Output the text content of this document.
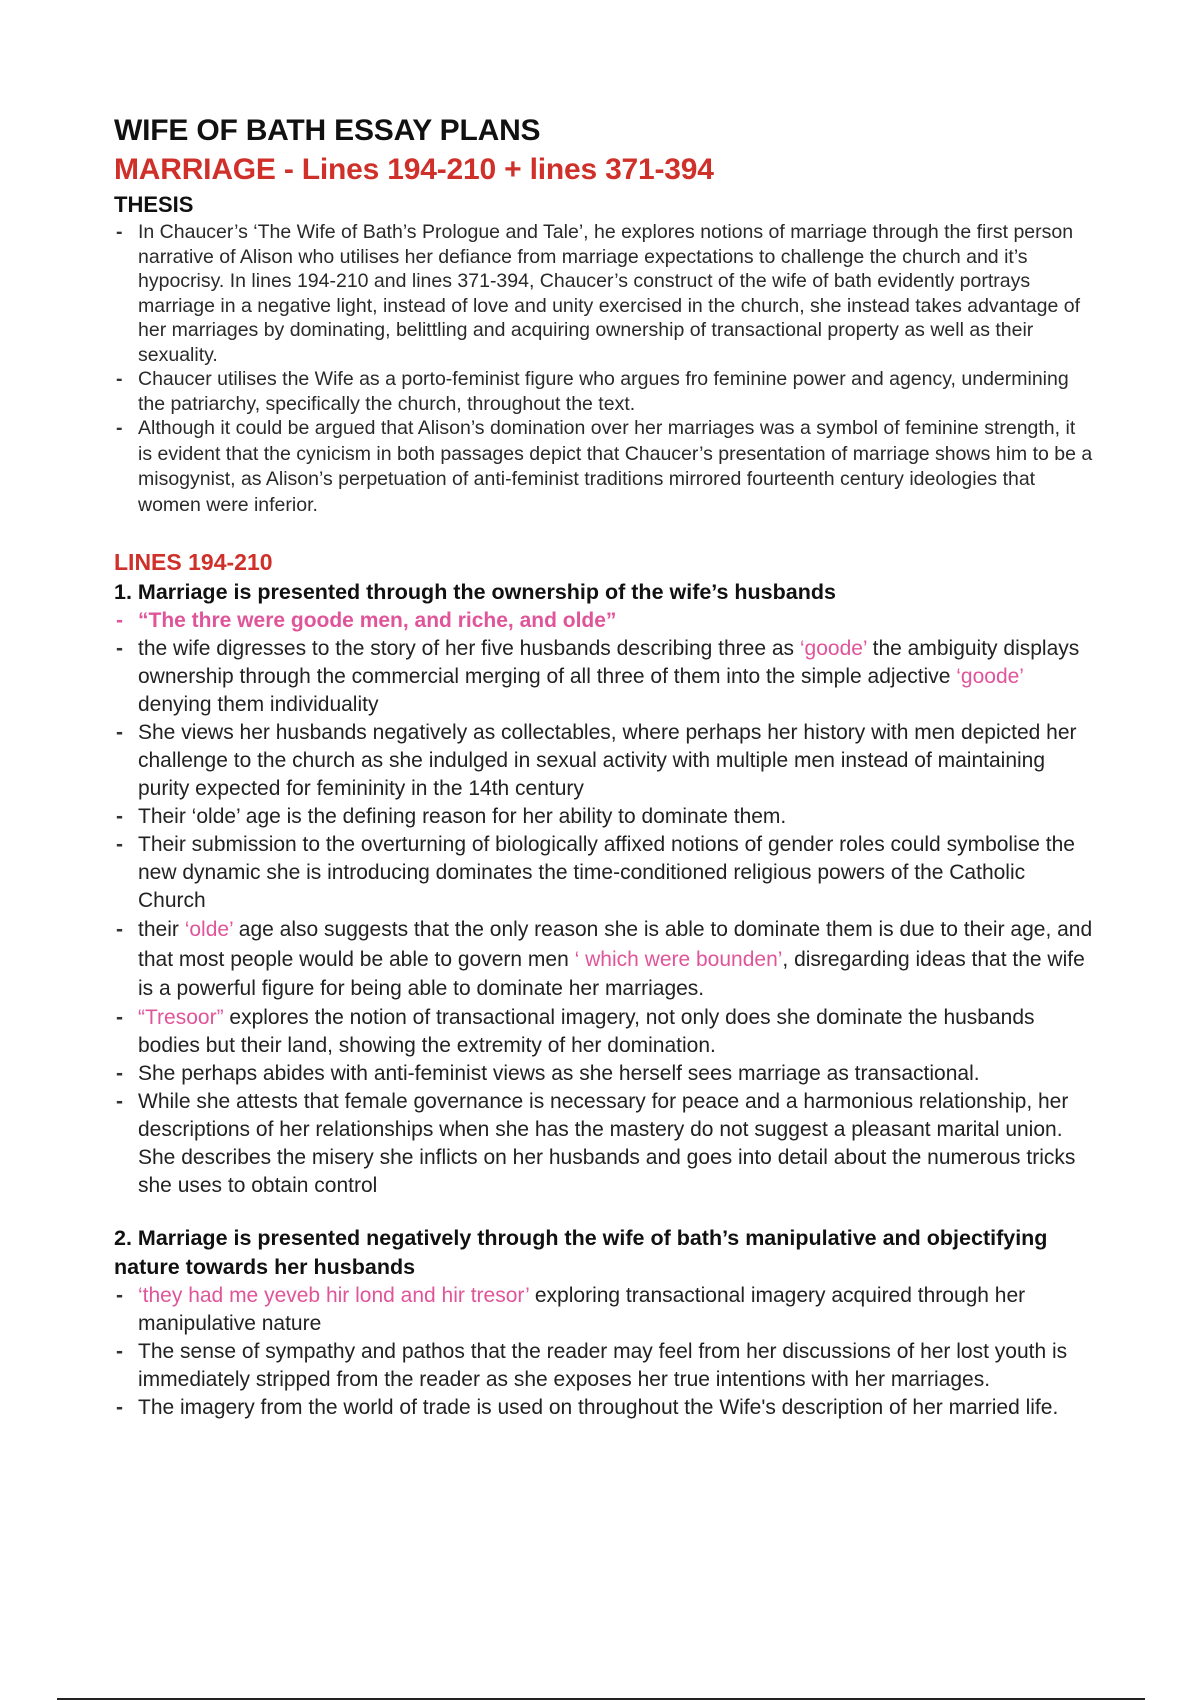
WIFE OF BATH ESSAY PLANS
MARRIAGE - Lines 194-210 + lines 371-394
THESIS
- In Chaucer’s ‘The Wife of Bath’s Prologue and Tale’, he explores notions of marriage through the first person narrative of Alison who utilises her defiance from marriage expectations to challenge the church and it’s hypocrisy. In lines 194-210 and lines 371-394, Chaucer’s construct of the wife of bath evidently portrays marriage in a negative light, instead of love and unity exercised in the church, she instead takes advantage of her marriages by dominating, belittling and acquiring ownership of transactional property as well as their sexuality.
- Chaucer utilises the Wife as a porto-feminist figure who argues fro feminine power and agency, undermining the patriarchy, specifically the church, throughout the text.
- Although it could be argued that Alison’s domination over her marriages was a symbol of feminine strength, it is evident that the cynicism in both passages depict that Chaucer’s presentation of marriage shows him to be a misogynist, as Alison’s perpetuation of anti-feminist traditions mirrored fourteenth century ideologies that women were inferior.
LINES 194-210
1. Marriage is presented through the ownership of the wife’s husbands
- “The thre were goode men, and riche, and olde”
- the wife digresses to the story of her five husbands describing three as ‘goode’ the ambiguity displays ownership through the commercial merging of all three of them into the simple adjective ‘goode’ denying them individuality
- She views her husbands negatively as collectables, where perhaps her history with men depicted her challenge to the church as she indulged in sexual activity with multiple men instead of maintaining purity expected for femininity in the 14th century
- Their ‘olde’ age is the defining reason for her ability to dominate them.
- Their submission to the overturning of biologically affixed notions of gender roles could symbolise the new dynamic she is introducing dominates the time-conditioned religious powers of the Catholic Church
- their ‘olde’ age also suggests that the only reason she is able to dominate them is due to their age, and that most people would be able to govern men ‘ which were bounden’, disregarding ideas that the wife is a powerful figure for being able to dominate her marriages.
- “Tresoor” explores the notion of transactional imagery, not only does she dominate the husbands bodies but their land, showing the extremity of her domination.
- She perhaps abides with anti-feminist views as she herself sees marriage as transactional.
- While she attests that female governance is necessary for peace and a harmonious relationship, her descriptions of her relationships when she has the mastery do not suggest a pleasant marital union. She describes the misery she inflicts on her husbands and goes into detail about the numerous tricks she uses to obtain control
2. Marriage is presented negatively through the wife of bath’s manipulative and objectifying nature towards her husbands
- ‘they had me yeveb hir lond and hir tresor’ exploring transactional imagery acquired through her manipulative nature
- The sense of sympathy and pathos that the reader may feel from her discussions of her lost youth is immediately stripped from the reader as she exposes her true intentions with her marriages.
- The imagery from the world of trade is used on throughout the Wife's description of her married life.
